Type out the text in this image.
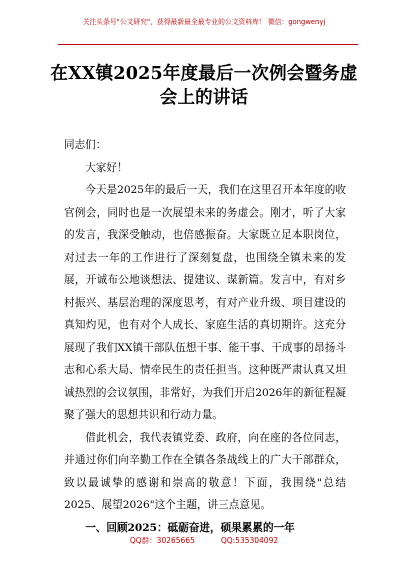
关注头条号"公文研究"，获得最新最全最专业的公文资料库！ 微信：gongwenyj
在XX镇2025年度最后一次例会暨务虚
会上的讲话

同志们：

大家好！

今天是2025年的最后一天，我们在这里召开本年度的收官例会，同时也是一次展望未来的务虚会。刚才，听了大家的发言，我深受触动，也倍感振奋。大家既立足本职岗位，对过去一年的工作进行了深刻复盘，也围绕全镇未来的发展，开诚布公地谈想法、提建议、谋新篇。发言中，有对乡村振兴、基层治理的深度思考，有对产业升级、项目建设的真知灼见，也有对个人成长、家庭生活的真切期许。这充分展现了我们XX镇干部队伍想干事、能干事、干成事的昂扬斗志和心系大局、情牵民生的责任担当。这种既严肃认真又坦诚热烈的会议氛围，非常好，为我们开启2026年的新征程凝聚了强大的思想共识和行动力量。

借此机会，我代表镇党委、政府，向在座的各位同志，并通过你们向辛勤工作在全镇各条战线上的广大干部群众，致以最诚挚的感谢和崇高的敬意！下面，我围绕"总结2025、展望2026"这个主题，讲三点意见。

一、回顾2025：砥砺奋进，硕果累累的一年

QQ群：30265665	QQ:535304092
